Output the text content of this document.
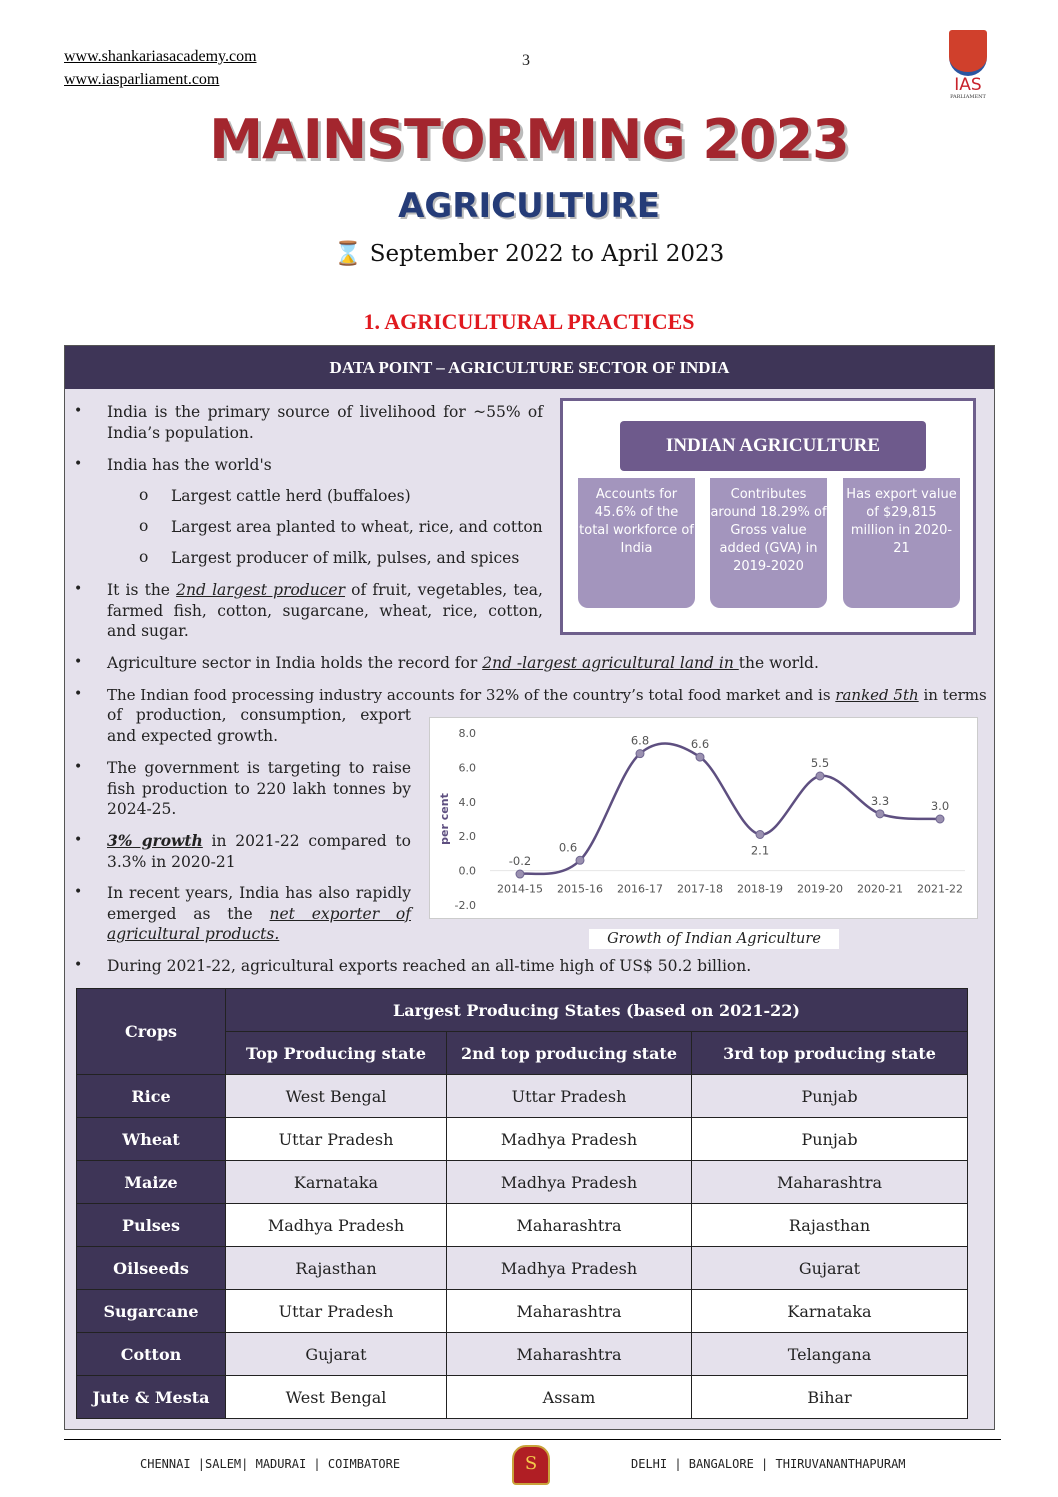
www.shankariasacademy.com
www.iasparliament.com
3
IAS
PARLIAMENT
MAINSTORMING 2023
AGRICULTURE
⌛ September 2022 to April 2023
1. AGRICULTURAL PRACTICES
DATA POINT – AGRICULTURE SECTOR OF INDIA
• India is the primary source of livelihood for ~55% of India’s population.
• India has the world's
o Largest cattle herd (buffaloes)
o Largest area planted to wheat, rice, and cotton
o Largest producer of milk, pulses, and spices
• It is the 2nd largest producer of fruit, vegetables, tea, farmed fish, cotton, sugarcane, wheat, rice, cotton, and sugar.
• Agriculture sector in India holds the record for 2nd -largest agricultural land in the world.
• The Indian food processing industry accounts for 32% of the country’s total food market and is ranked 5th in terms
of production, consumption, export and expected growth.
• The government is targeting to raise fish production to 220 lakh tonnes by 2024-25.
• 3% growth in 2021-22 compared to 3.3% in 2020-21
• In recent years, India has also rapidly emerged as the net exporter of agricultural products.
• During 2021-22, agricultural exports reached an all-time high of US$ 50.2 billion.
INDIAN AGRICULTURE
Accounts for 45.6% of the total workforce of India
Contributes around 18.29% of Gross value added (GVA) in 2019-2020
Has export value of $29,815 million in 2020-21
8.0
6.0
4.0
2.0
0.0
-2.0
per cent
-0.2
2014-15
0.6
2015-16
6.8
2016-17
6.6
2017-18
2.1
2018-19
5.5
2019-20
3.3
2020-21
3.0
2021-22
Growth of Indian Agriculture
Crops	Largest Producing States (based on 2021-22)		
	Top Producing state	2nd top producing state	3rd top producing state
Rice	West Bengal	Uttar Pradesh	Punjab
Wheat	Uttar Pradesh	Madhya Pradesh	Punjab
Maize	Karnataka	Madhya Pradesh	Maharashtra
Pulses	Madhya Pradesh	Maharashtra	Rajasthan
Oilseeds	Rajasthan	Madhya Pradesh	Gujarat
Sugarcane	Uttar Pradesh	Maharashtra	Karnataka
Cotton	Gujarat	Maharashtra	Telangana
Jute & Mesta	West Bengal	Assam	Bihar
CHENNAI |SALEM| MADURAI | COIMBATORE	S	DELHI | BANGALORE | THIRUVANANTHAPURAM
